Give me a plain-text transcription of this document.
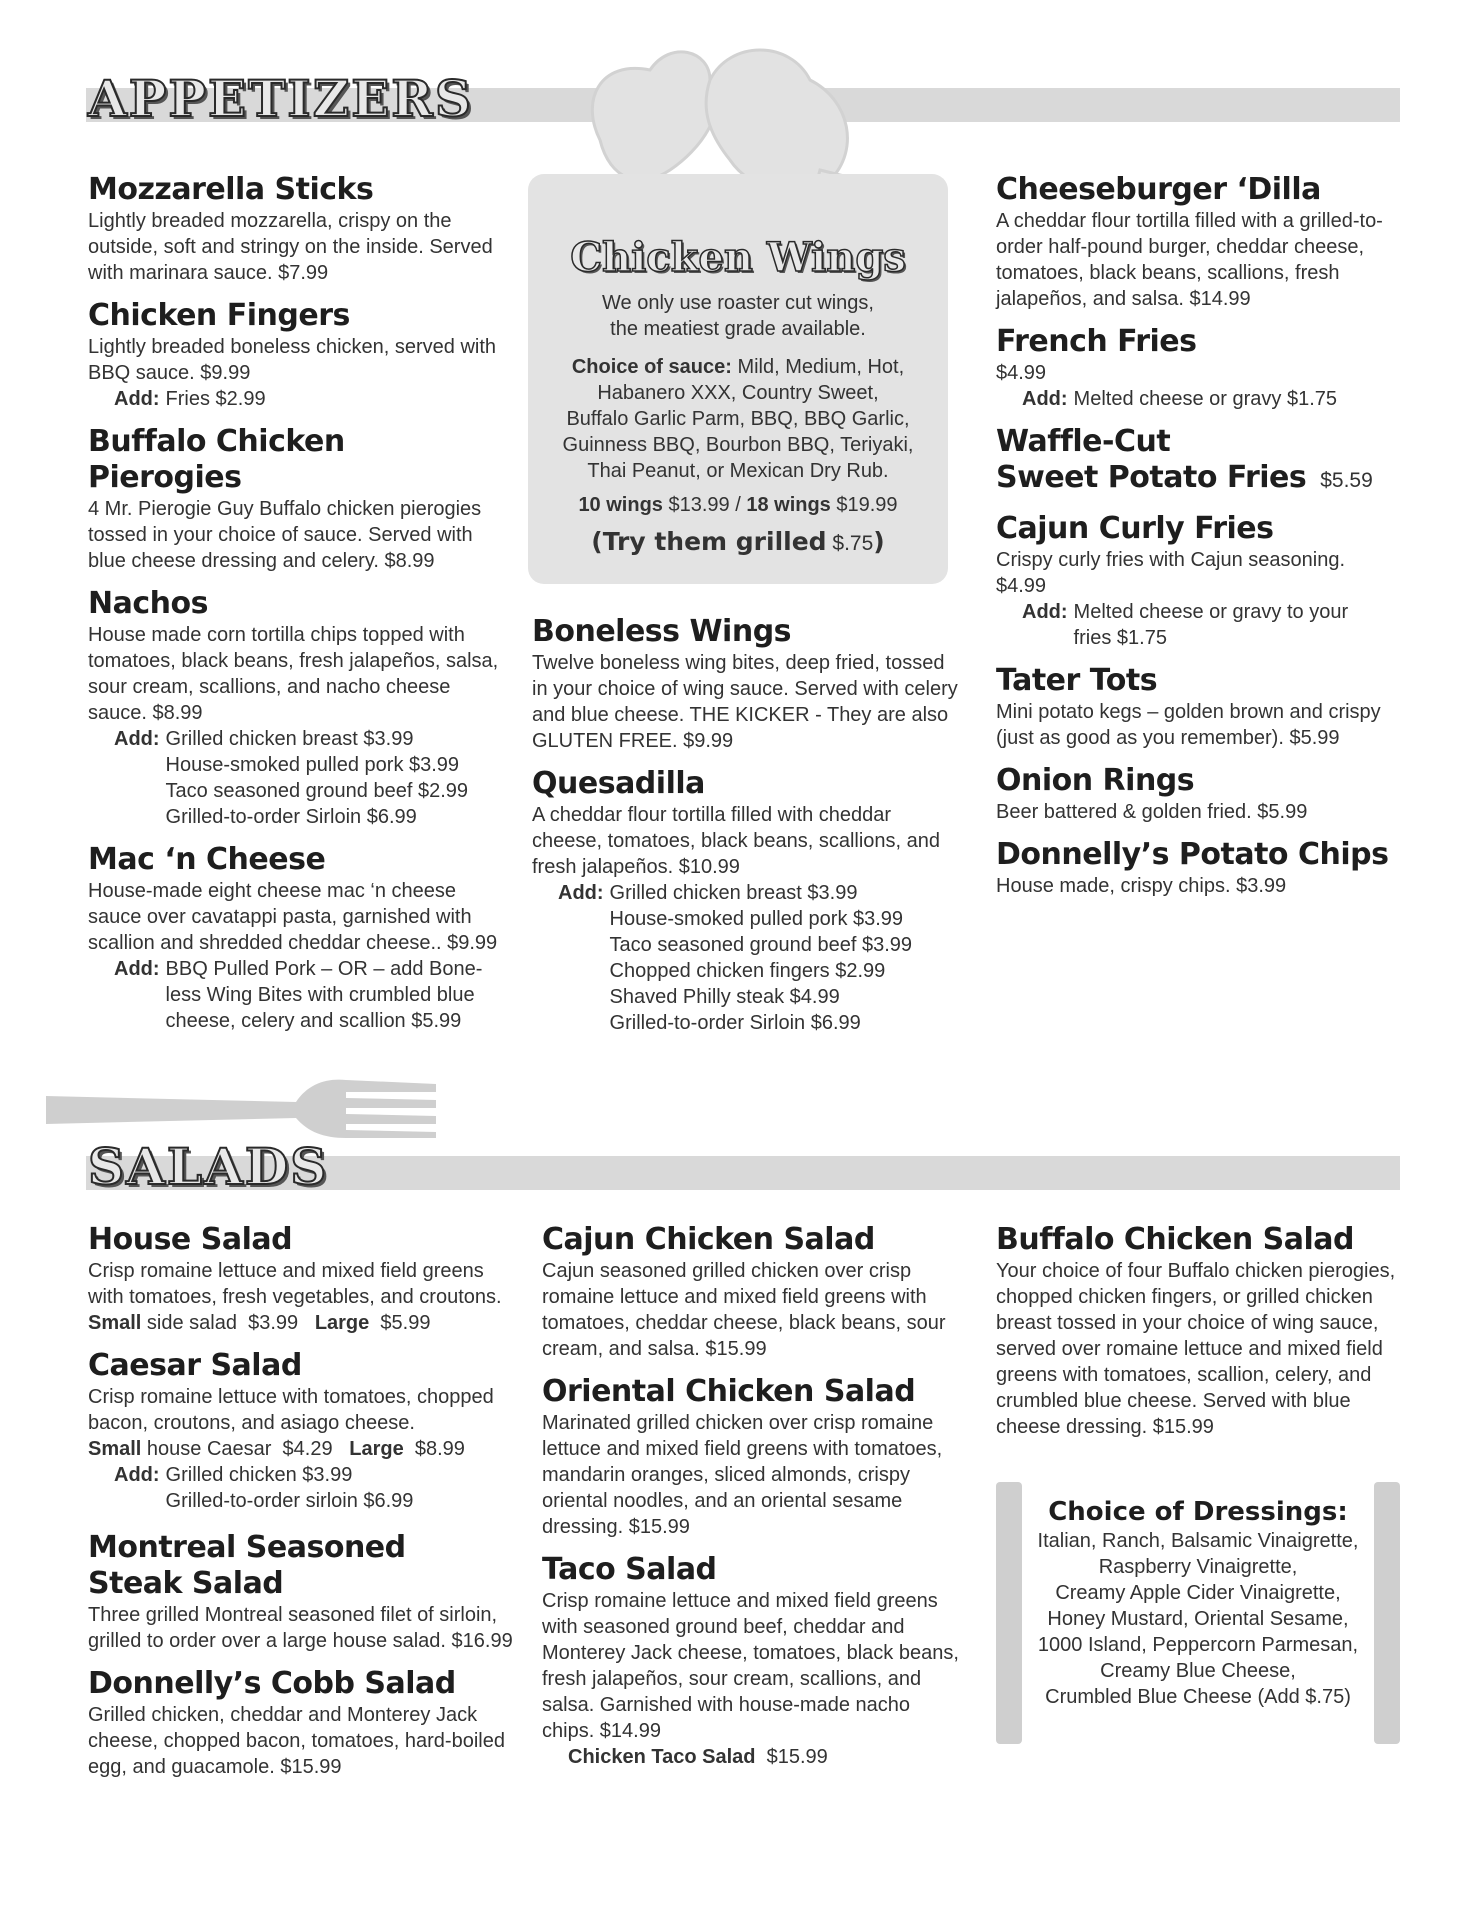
APPETIZERS
Mozzarella Sticks

Lightly breaded mozzarella, crispy on the outside, soft and stringy on the inside. Served with marinara sauce. $7.99

Chicken Fingers

Lightly breaded boneless chicken, served with BBQ sauce. $9.99

Add: Fries $2.99
Buffalo Chicken Pierogies

4 Mr. Pierogie Guy Buffalo chicken pierogies tossed in your choice of sauce. Served with blue cheese dressing and celery. $8.99

Nachos

House made corn tortilla chips topped with tomatoes, black beans, fresh jalapeños, salsa, sour cream, scallions, and nacho cheese sauce. $8.99

Add: Grilled chicken breast $3.99
House-smoked pulled pork $3.99
Taco seasoned ground beef $2.99
Grilled-to-order Sirloin $6.99
Mac ‘n Cheese

House-made eight cheese mac ‘n cheese sauce over cavatappi pasta, garnished with scallion and shredded cheddar cheese.. $9.99

Add: BBQ Pulled Pork – OR – add Bone-
less Wing Bites with crumbled blue
cheese, celery and scallion $5.99
Chicken Wings

We only use roaster cut wings,

the meatiest grade available.

Choice of sauce: Mild, Medium, Hot,

Habanero XXX, Country Sweet,

Buffalo Garlic Parm, BBQ, BBQ Garlic,

Guinness BBQ, Bourbon BBQ, Teriyaki,

Thai Peanut, or Mexican Dry Rub.

10 wings $13.99 / 18 wings $19.99

(Try them grilled $.75)

Boneless Wings

Twelve boneless wing bites, deep fried, tossed in your choice of wing sauce. Served with celery and blue cheese. THE KICKER - They are also GLUTEN FREE. $9.99

Quesadilla

A cheddar flour tortilla filled with cheddar cheese, tomatoes, black beans, scallions, and fresh jalapeños. $10.99

Add: Grilled chicken breast $3.99
House-smoked pulled pork $3.99
Taco seasoned ground beef $3.99
Chopped chicken fingers $2.99
Shaved Philly steak $4.99
Grilled-to-order Sirloin $6.99
Cheeseburger ‘Dilla

A cheddar flour tortilla filled with a grilled-to-order half-pound burger, cheddar cheese, tomatoes, black beans, scallions, fresh jalapeños, and salsa. $14.99

French Fries

$4.99

Add: Melted cheese or gravy $1.75
Waffle-Cut
Sweet Potato Fries $5.59
Cajun Curly Fries

Crispy curly fries with Cajun seasoning. $4.99

Add: Melted cheese or gravy to your
fries $1.75
Tater Tots

Mini potato kegs – golden brown and crispy (just as good as you remember). $5.99

Onion Rings

Beer battered & golden fried. $5.99

Donnelly’s Potato Chips

House made, crispy chips. $3.99

SALADS
House Salad

Crisp romaine lettuce and mixed field greens with tomatoes, fresh vegetables, and croutons.

Small side salad  $3.99   Large  $5.99

Caesar Salad

Crisp romaine lettuce with tomatoes, chopped bacon, croutons, and asiago cheese.

Small house Caesar  $4.29   Large  $8.99

Add: Grilled chicken $3.99
Grilled-to-order sirloin $6.99
Montreal Seasoned
Steak Salad

Three grilled Montreal seasoned filet of sirloin, grilled to order over a large house salad. $16.99

Donnelly’s Cobb Salad

Grilled chicken, cheddar and Monterey Jack cheese, chopped bacon, tomatoes, hard-boiled egg, and guacamole. $15.99

Cajun Chicken Salad

Cajun seasoned grilled chicken over crisp romaine lettuce and mixed field greens with tomatoes, cheddar cheese, black beans, sour cream, and salsa. $15.99

Oriental Chicken Salad

Marinated grilled chicken over crisp romaine lettuce and mixed field greens with tomatoes, mandarin oranges, sliced almonds, crispy oriental noodles, and an oriental sesame dressing. $15.99

Taco Salad

Crisp romaine lettuce and mixed field greens with seasoned ground beef, cheddar and Monterey Jack cheese, tomatoes, black beans, fresh jalapeños, sour cream, scallions, and salsa. Garnished with house-made nacho chips. $14.99

Chicken Taco Salad  $15.99

Buffalo Chicken Salad

Your choice of four Buffalo chicken pierogies, chopped chicken fingers, or grilled chicken breast tossed in your choice of wing sauce, served over romaine lettuce and mixed field greens with tomatoes, scallion, celery, and crumbled blue cheese. Served with blue cheese dressing. $15.99

Choice of Dressings:

Italian, Ranch, Balsamic Vinaigrette,

Raspberry Vinaigrette,

Creamy Apple Cider Vinaigrette,

Honey Mustard, Oriental Sesame,

1000 Island, Peppercorn Parmesan,

Creamy Blue Cheese,

Crumbled Blue Cheese (Add $.75)
